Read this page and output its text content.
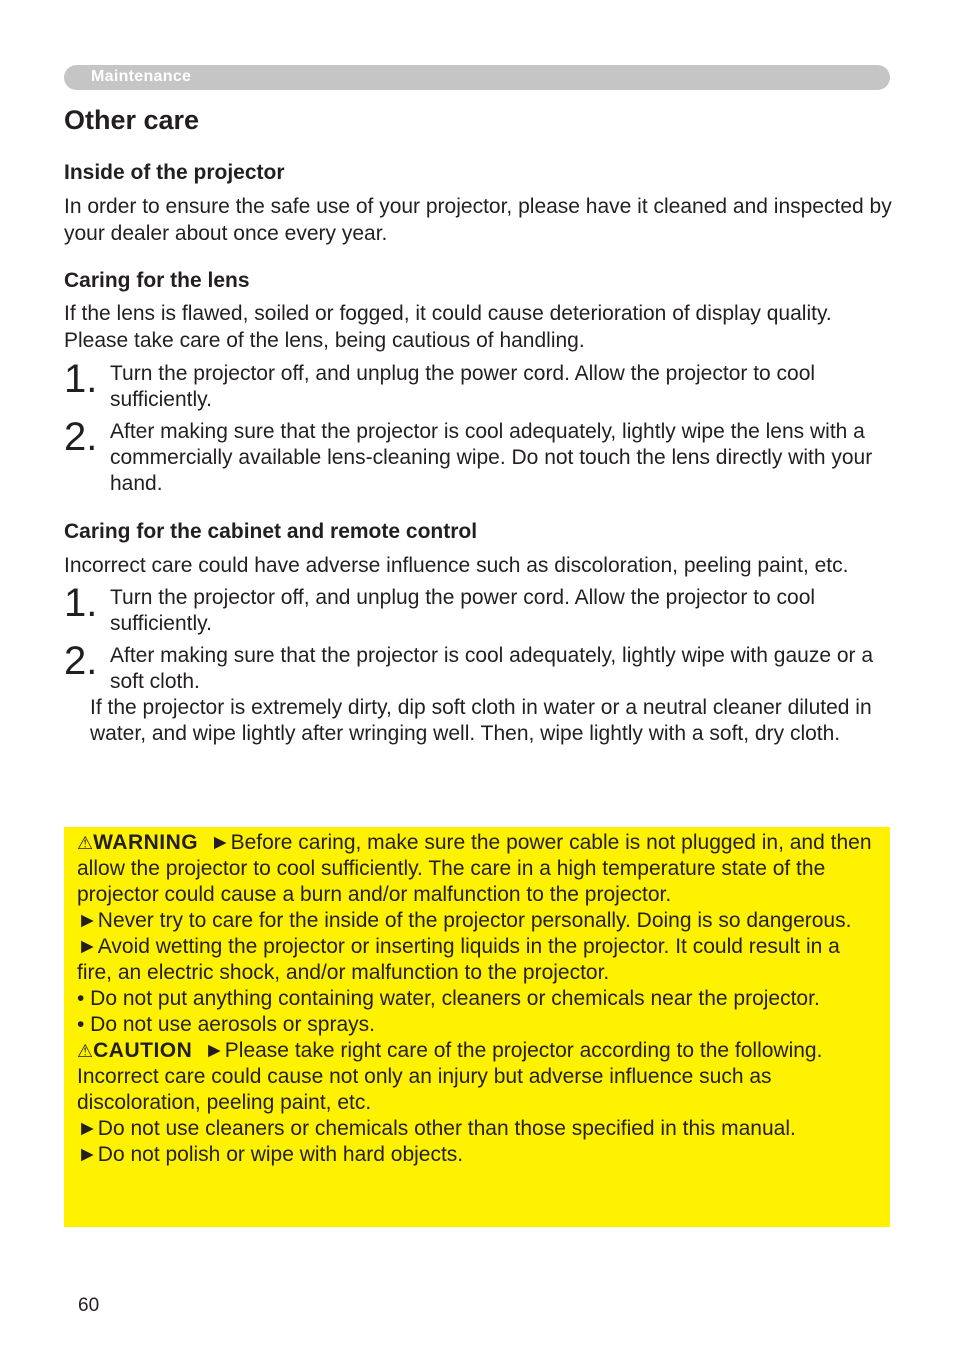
Maintenance
Other care

Inside of the projector

In order to ensure the safe use of your projector, please have it cleaned and inspected by your dealer about once every year.

Caring for the lens

If the lens is flawed, soiled or fogged, it could cause deterioration of display quality. Please take care of the lens, being cautious of handling.

1. Turn the projector off, and unplug the power cord. Allow the projector to cool sufficiently.
2. After making sure that the projector is cool adequately, lightly wipe the lens with a commercially available lens-cleaning wipe. Do not touch the lens directly with your hand.

Caring for the cabinet and remote control

Incorrect care could have adverse influence such as discoloration, peeling paint, etc.

1. Turn the projector off, and unplug the power cord. Allow the projector to cool sufficiently.
2. After making sure that the projector is cool adequately, lightly wipe with gauze or a soft cloth.
If the projector is extremely dirty, dip soft cloth in water or a neutral cleaner diluted in water, and wipe lightly after wringing well. Then, wipe lightly with a soft, dry cloth.

⚠WARNING ►Before caring, make sure the power cable is not plugged in, and then allow the projector to cool sufficiently. The care in a high temperature state of the projector could cause a burn and/or malfunction to the projector.

►Never try to care for the inside of the projector personally. Doing is so dangerous.

►Avoid wetting the projector or inserting liquids in the projector. It could result in a fire, an electric shock, and/or malfunction to the projector.

• Do not put anything containing water, cleaners or chemicals near the projector.

• Do not use aerosols or sprays.

⚠CAUTION ►Please take right care of the projector according to the following. Incorrect care could cause not only an injury but adverse influence such as discoloration, peeling paint, etc.

►Do not use cleaners or chemicals other than those specified in this manual.

►Do not polish or wipe with hard objects.

60
